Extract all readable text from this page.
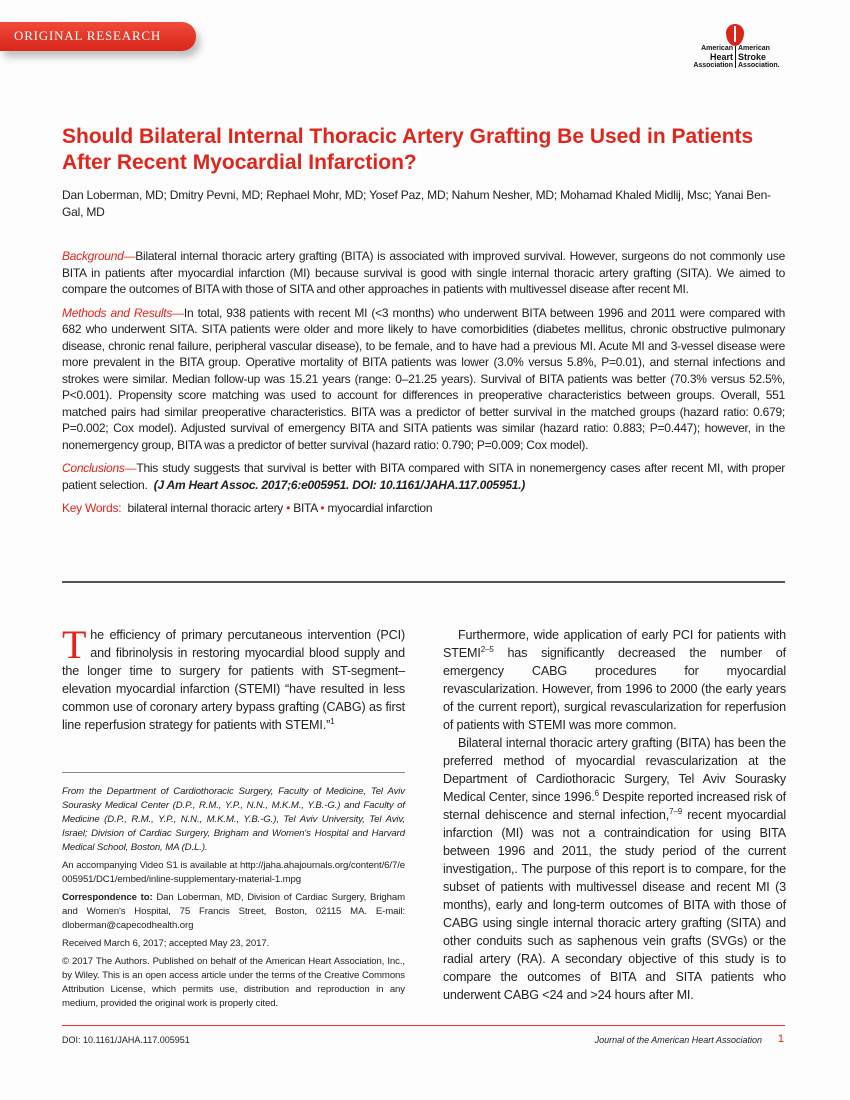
ORIGINAL RESEARCH
American
Heart
Association
American
Stroke
Association.
Should Bilateral Internal Thoracic Artery Grafting Be Used in Patients After Recent Myocardial Infarction?
Dan Loberman, MD; Dmitry Pevni, MD; Rephael Mohr, MD; Yosef Paz, MD; Nahum Nesher, MD; Mohamad Khaled Midlij, Msc; Yanai Ben-Gal, MD

Background—Bilateral internal thoracic artery grafting (BITA) is associated with improved survival. However, surgeons do not commonly use BITA in patients after myocardial infarction (MI) because survival is good with single internal thoracic artery grafting (SITA). We aimed to compare the outcomes of BITA with those of SITA and other approaches in patients with multivessel disease after recent MI.

Methods and Results—In total, 938 patients with recent MI (<3 months) who underwent BITA between 1996 and 2011 were compared with 682 who underwent SITA. SITA patients were older and more likely to have comorbidities (diabetes mellitus, chronic obstructive pulmonary disease, chronic renal failure, peripheral vascular disease), to be female, and to have had a previous MI. Acute MI and 3-vessel disease were more prevalent in the BITA group. Operative mortality of BITA patients was lower (3.0% versus 5.8%, P=0.01), and sternal infections and strokes were similar. Median follow-up was 15.21 years (range: 0–21.25 years). Survival of BITA patients was better (70.3% versus 52.5%, P<0.001). Propensity score matching was used to account for differences in preoperative characteristics between groups. Overall, 551 matched pairs had similar preoperative characteristics. BITA was a predictor of better survival in the matched groups (hazard ratio: 0.679; P=0.002; Cox model). Adjusted survival of emergency BITA and SITA patients was similar (hazard ratio: 0.883; P=0.447); however, in the nonemergency group, BITA was a predictor of better survival (hazard ratio: 0.790; P=0.009; Cox model).

Conclusions—This study suggests that survival is better with BITA compared with SITA in nonemergency cases after recent MI, with proper patient selection. (J Am Heart Assoc. 2017;6:e005951. DOI: 10.1161/JAHA.117.005951.)

Key Words: bilateral internal thoracic artery • BITA • myocardial infarction

The efficiency of primary percutaneous intervention (PCI) and fibrinolysis in restoring myocardial blood supply and the longer time to surgery for patients with ST-segment–elevation myocardial infarction (STEMI) “have resulted in less common use of coronary artery bypass grafting (CABG) as first line reperfusion strategy for patients with STEMI.”$^1$

From the Department of Cardiothoracic Surgery, Faculty of Medicine, Tel Aviv Sourasky Medical Center (D.P., R.M., Y.P., N.N., M.K.M., Y.B.-G.) and Faculty of Medicine (D.P., R.M., Y.P., N.N., M.K.M., Y.B.-G.), Tel Aviv University, Tel Aviv, Israel; Division of Cardiac Surgery, Brigham and Women's Hospital and Harvard Medical School, Boston, MA (D.L.).

An accompanying Video S1 is available at http://jaha.ahajournals.org/content/6/7/e005951/DC1/embed/inline-supplementary-material-1.mpg

Correspondence to: Dan Loberman, MD, Division of Cardiac Surgery, Brigham and Women's Hospital, 75 Francis Street, Boston, 02115 MA. E-mail: dloberman@capecodhealth.org

Received March 6, 2017; accepted May 23, 2017.

© 2017 The Authors. Published on behalf of the American Heart Association, Inc., by Wiley. This is an open access article under the terms of the Creative Commons Attribution License, which permits use, distribution and reproduction in any medium, provided the original work is properly cited.

Furthermore, wide application of early PCI for patients with STEMI$^{2-5}$ has significantly decreased the number of emergency CABG procedures for myocardial revascularization. However, from 1996 to 2000 (the early years of the current report), surgical revascularization for reperfusion of patients with STEMI was more common.

Bilateral internal thoracic artery grafting (BITA) has been the preferred method of myocardial revascularization at the Department of Cardiothoracic Surgery, Tel Aviv Sourasky Medical Center, since 1996.$^6$ Despite reported increased risk of sternal dehiscence and sternal infection,$^{7-9}$ recent myocardial infarction (MI) was not a contraindication for using BITA between 1996 and 2011, the study period of the current investigation,. The purpose of this report is to compare, for the subset of patients with multivessel disease and recent MI (3 months), early and long-term outcomes of BITA with those of CABG using single internal thoracic artery grafting (SITA) and other conduits such as saphenous vein grafts (SVGs) or the radial artery (RA). A secondary objective of this study is to compare the outcomes of BITA and SITA patients who underwent CABG <24 and >24 hours after MI.

DOI: 10.1161/JAHA.117.005951	Journal of the American Heart Association 1
